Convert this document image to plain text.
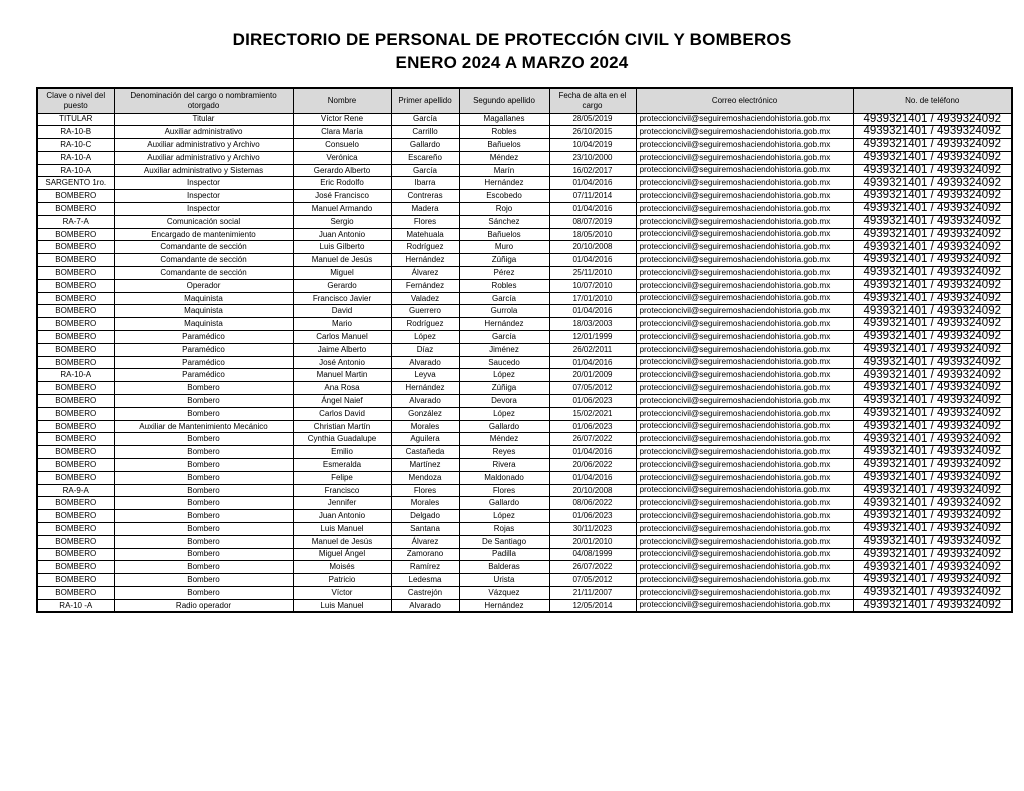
DIRECTORIO DE PERSONAL DE PROTECCIÓN CIVIL Y BOMBEROS
ENERO 2024 A MARZO 2024
Clave o nivel del puesto	Denominación del cargo o nombramiento otorgado	Nombre	Primer apellido	Segundo apellido	Fecha de alta en el cargo	Correo electrónico	No. de teléfono
TITULAR	Titular	Víctor Rene	García	Magallanes	28/05/2019	proteccioncivil@seguiremoshaciendohistoria.gob.mx	4939321401 / 4939324092
RA-10-B	Auxiliar administrativo	Clara María	Carrillo	Robles	26/10/2015	proteccioncivil@seguiremoshaciendohistoria.gob.mx	4939321401 / 4939324092
RA-10-C	Auxiliar administrativo y Archivo	Consuelo	Gallardo	Bañuelos	10/04/2019	proteccioncivil@seguiremoshaciendohistoria.gob.mx	4939321401 / 4939324092
RA-10-A	Auxiliar administrativo y Archivo	Verónica	Escareño	Méndez	23/10/2000	proteccioncivil@seguiremoshaciendohistoria.gob.mx	4939321401 / 4939324092
RA-10-A	Auxiliar administrativo y Sistemas	Gerardo Alberto	García	Marín	16/02/2017	proteccioncivil@seguiremoshaciendohistoria.gob.mx	4939321401 / 4939324092
SARGENTO 1ro.	Inspector	Eric Rodolfo	Ibarra	Hernández	01/04/2016	proteccioncivil@seguiremoshaciendohistoria.gob.mx	4939321401 / 4939324092
BOMBERO	Inspector	José Francisco	Contreras	Escobedo	07/11/2014	proteccioncivil@seguiremoshaciendohistoria.gob.mx	4939321401 / 4939324092
BOMBERO	Inspector	Manuel Armando	Madera	Rojo	01/04/2016	proteccioncivil@seguiremoshaciendohistoria.gob.mx	4939321401 / 4939324092
RA-7-A	Comunicación social	Sergio	Flores	Sánchez	08/07/2019	proteccioncivil@seguiremoshaciendohistoria.gob.mx	4939321401 / 4939324092
BOMBERO	Encargado de mantenimiento	Juan Antonio	Matehuala	Bañuelos	18/05/2010	proteccioncivil@seguiremoshaciendohistoria.gob.mx	4939321401 / 4939324092
BOMBERO	Comandante de sección	Luis Gilberto	Rodríguez	Muro	20/10/2008	proteccioncivil@seguiremoshaciendohistoria.gob.mx	4939321401 / 4939324092
BOMBERO	Comandante de sección	Manuel de Jesús	Hernández	Zúñiga	01/04/2016	proteccioncivil@seguiremoshaciendohistoria.gob.mx	4939321401 / 4939324092
BOMBERO	Comandante de sección	Miguel	Álvarez	Pérez	25/11/2010	proteccioncivil@seguiremoshaciendohistoria.gob.mx	4939321401 / 4939324092
BOMBERO	Operador	Gerardo	Fernández	Robles	10/07/2010	proteccioncivil@seguiremoshaciendohistoria.gob.mx	4939321401 / 4939324092
BOMBERO	Maquinista	Francisco Javier	Valadez	García	17/01/2010	proteccioncivil@seguiremoshaciendohistoria.gob.mx	4939321401 / 4939324092
BOMBERO	Maquinista	David	Guerrero	Gurrola	01/04/2016	proteccioncivil@seguiremoshaciendohistoria.gob.mx	4939321401 / 4939324092
BOMBERO	Maquinista	Mario	Rodríguez	Hernández	18/03/2003	proteccioncivil@seguiremoshaciendohistoria.gob.mx	4939321401 / 4939324092
BOMBERO	Paramédico	Carlos Manuel	López	García	12/01/1999	proteccioncivil@seguiremoshaciendohistoria.gob.mx	4939321401 / 4939324092
BOMBERO	Paramédico	Jaime Alberto	Díaz	Jiménez	26/02/2011	proteccioncivil@seguiremoshaciendohistoria.gob.mx	4939321401 / 4939324092
BOMBERO	Paramédico	José Antonio	Alvarado	Saucedo	01/04/2016	proteccioncivil@seguiremoshaciendohistoria.gob.mx	4939321401 / 4939324092
RA-10-A	Paramédico	Manuel Martin	Leyva	López	20/01/2009	proteccioncivil@seguiremoshaciendohistoria.gob.mx	4939321401 / 4939324092
BOMBERO	Bombero	Ana Rosa	Hernández	Zúñiga	07/05/2012	proteccioncivil@seguiremoshaciendohistoria.gob.mx	4939321401 / 4939324092
BOMBERO	Bombero	Ángel Naief	Alvarado	Devora	01/06/2023	proteccioncivil@seguiremoshaciendohistoria.gob.mx	4939321401 / 4939324092
BOMBERO	Bombero	Carlos David	González	López	15/02/2021	proteccioncivil@seguiremoshaciendohistoria.gob.mx	4939321401 / 4939324092
BOMBERO	Auxiliar de Mantenimiento Mecánico	Christian Martín	Morales	Gallardo	01/06/2023	proteccioncivil@seguiremoshaciendohistoria.gob.mx	4939321401 / 4939324092
BOMBERO	Bombero	Cynthia Guadalupe	Aguilera	Méndez	26/07/2022	proteccioncivil@seguiremoshaciendohistoria.gob.mx	4939321401 / 4939324092
BOMBERO	Bombero	Emilio	Castañeda	Reyes	01/04/2016	proteccioncivil@seguiremoshaciendohistoria.gob.mx	4939321401 / 4939324092
BOMBERO	Bombero	Esmeralda	Martínez	Rivera	20/06/2022	proteccioncivil@seguiremoshaciendohistoria.gob.mx	4939321401 / 4939324092
BOMBERO	Bombero	Felipe	Mendoza	Maldonado	01/04/2016	proteccioncivil@seguiremoshaciendohistoria.gob.mx	4939321401 / 4939324092
RA-9-A	Bombero	Francisco	Flores	Flores	20/10/2008	proteccioncivil@seguiremoshaciendohistoria.gob.mx	4939321401 / 4939324092
BOMBERO	Bombero	Jennifer	Morales	Gallardo	08/06/2022	proteccioncivil@seguiremoshaciendohistoria.gob.mx	4939321401 / 4939324092
BOMBERO	Bombero	Juan Antonio	Delgado	López	01/06/2023	proteccioncivil@seguiremoshaciendohistoria.gob.mx	4939321401 / 4939324092
BOMBERO	Bombero	Luis Manuel	Santana	Rojas	30/11/2023	proteccioncivil@seguiremoshaciendohistoria.gob.mx	4939321401 / 4939324092
BOMBERO	Bombero	Manuel de Jesús	Álvarez	De Santiago	20/01/2010	proteccioncivil@seguiremoshaciendohistoria.gob.mx	4939321401 / 4939324092
BOMBERO	Bombero	Miguel Ángel	Zamorano	Padilla	04/08/1999	proteccioncivil@seguiremoshaciendohistoria.gob.mx	4939321401 / 4939324092
BOMBERO	Bombero	Moisés	Ramírez	Balderas	26/07/2022	proteccioncivil@seguiremoshaciendohistoria.gob.mx	4939321401 / 4939324092
BOMBERO	Bombero	Patricio	Ledesma	Urista	07/05/2012	proteccioncivil@seguiremoshaciendohistoria.gob.mx	4939321401 / 4939324092
BOMBERO	Bombero	Víctor	Castrejón	Vázquez	21/11/2007	proteccioncivil@seguiremoshaciendohistoria.gob.mx	4939321401 / 4939324092
RA-10 -A	Radio operador	Luis Manuel	Alvarado	Hernández	12/05/2014	proteccioncivil@seguiremoshaciendohistoria.gob.mx	4939321401 / 4939324092
